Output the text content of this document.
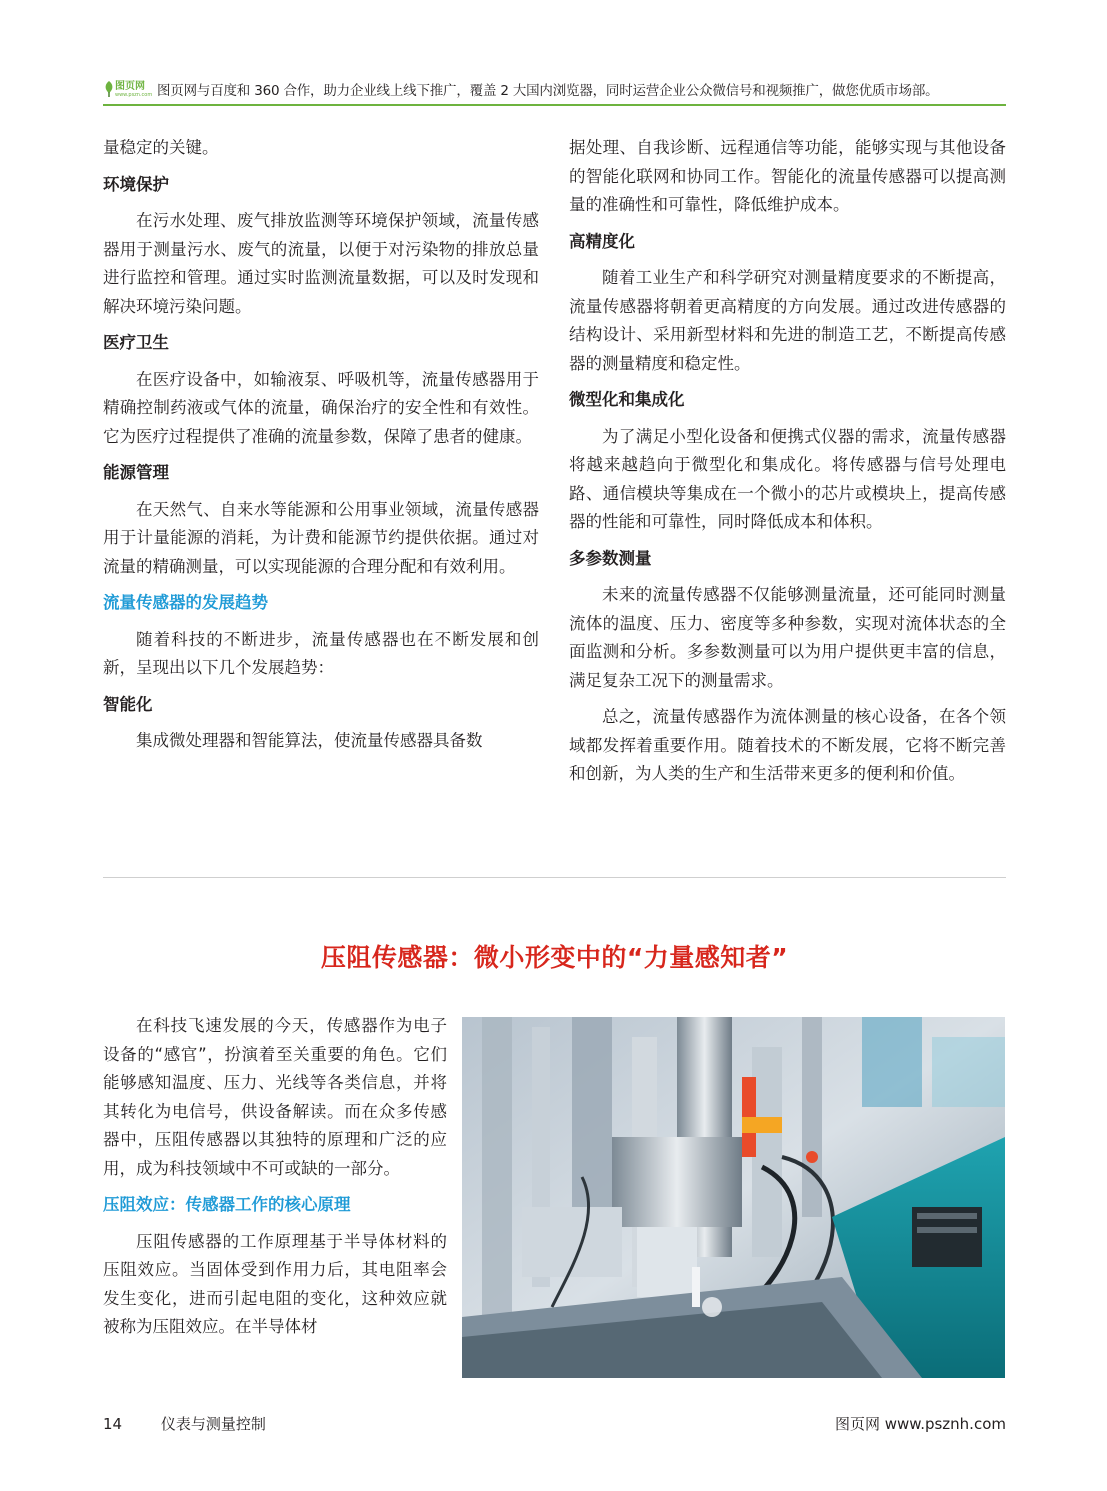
图页网
www.pszn.com 图页网与百度和 360 合作，助力企业线上线下推广，覆盖 2 大国内浏览器，同时运营企业公众微信号和视频推广，做您优质市场部。

量稳定的关键。

环境保护

在污水处理、废气排放监测等环境保护领域，流量传感器用于测量污水、废气的流量，以便于对污染物的排放总量进行监控和管理。通过实时监测流量数据，可以及时发现和解决环境污染问题。

医疗卫生

在医疗设备中，如输液泵、呼吸机等，流量传感器用于精确控制药液或气体的流量，确保治疗的安全性和有效性。它为医疗过程提供了准确的流量参数，保障了患者的健康。

能源管理

在天然气、自来水等能源和公用事业领域，流量传感器用于计量能源的消耗，为计费和能源节约提供依据。通过对流量的精确测量，可以实现能源的合理分配和有效利用。

流量传感器的发展趋势

随着科技的不断进步，流量传感器也在不断发展和创新，呈现出以下几个发展趋势：

智能化

集成微处理器和智能算法，使流量传感器具备数

据处理、自我诊断、远程通信等功能，能够实现与其他设备的智能化联网和协同工作。智能化的流量传感器可以提高测量的准确性和可靠性，降低维护成本。

高精度化

随着工业生产和科学研究对测量精度要求的不断提高，流量传感器将朝着更高精度的方向发展。通过改进传感器的结构设计、采用新型材料和先进的制造工艺，不断提高传感器的测量精度和稳定性。

微型化和集成化

为了满足小型化设备和便携式仪器的需求，流量传感器将越来越趋向于微型化和集成化。将传感器与信号处理电路、通信模块等集成在一个微小的芯片或模块上，提高传感器的性能和可靠性，同时降低成本和体积。

多参数测量

未来的流量传感器不仅能够测量流量，还可能同时测量流体的温度、压力、密度等多种参数，实现对流体状态的全面监测和分析。多参数测量可以为用户提供更丰富的信息，满足复杂工况下的测量需求。

总之，流量传感器作为流体测量的核心设备，在各个领域都发挥着重要作用。随着技术的不断发展，它将不断完善和创新，为人类的生产和生活带来更多的便利和价值。

压阻传感器：微小形变中的“力量感知者”

在科技飞速发展的今天，传感器作为电子设备的“感官”，扮演着至关重要的角色。它们能够感知温度、压力、光线等各类信息，并将其转化为电信号，供设备解读。而在众多传感器中，压阻传感器以其独特的原理和广泛的应用，成为科技领域中不可或缺的一部分。

压阻效应：传感器工作的核心原理

压阻传感器的工作原理基于半导体材料的压阻效应。当固体受到作用力后，其电阻率会发生变化，进而引起电阻的变化，这种效应就被称为压阻效应。在半导体材

14	仪表与测量控制	图页网 www.psznh.com
